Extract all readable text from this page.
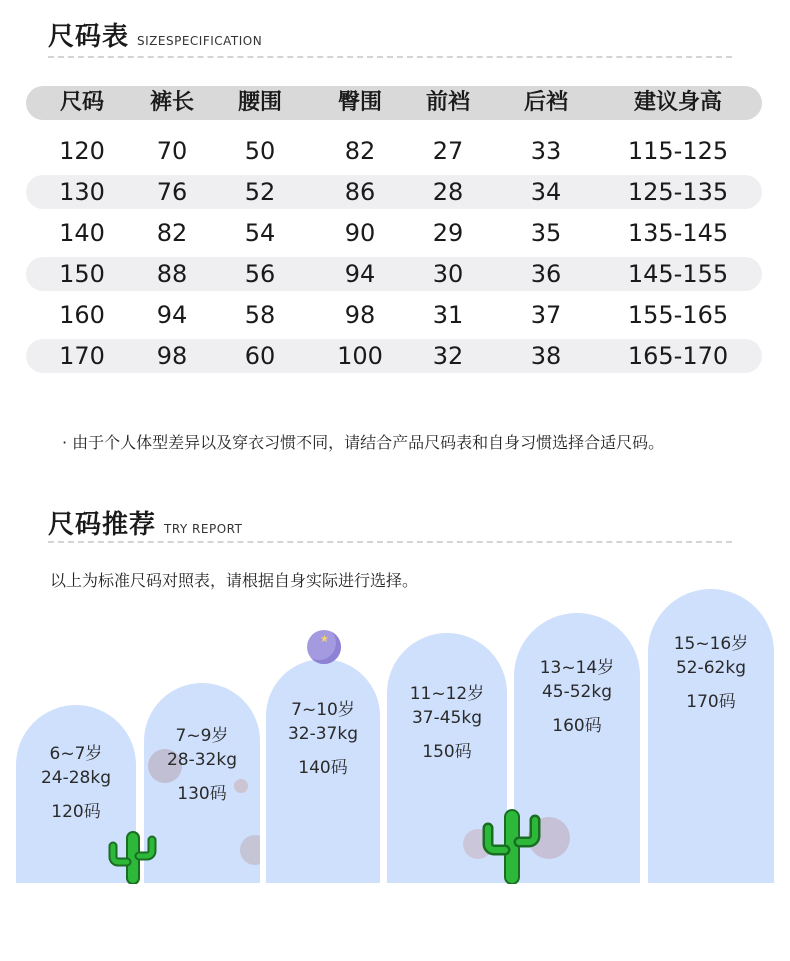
尺码表 SIZESPECIFICATION
尺码	裤长	腰围	臀围	前裆	后裆	建议身高
120	70	50	82	27	33	115-125
130	76	52	86	28	34	125-135
140	82	54	90	29	35	135-145
150	88	56	94	30	36	145-155
160	94	58	98	31	37	155-165
170	98	60	100	32	38	165-170
· 由于个人体型差异以及穿衣习惯不同，请结合产品尺码表和自身习惯选择合适尺码。
尺码推荐 TRY REPORT
以上为标准尺码对照表，请根据自身实际进行选择。
6~7岁
24-28kg
120码
7~9岁
28-32kg
130码
7~10岁
32-37kg
140码
★
11~12岁
37-45kg
150码
13~14岁
45-52kg
160码
15~16岁
52-62kg
170码
